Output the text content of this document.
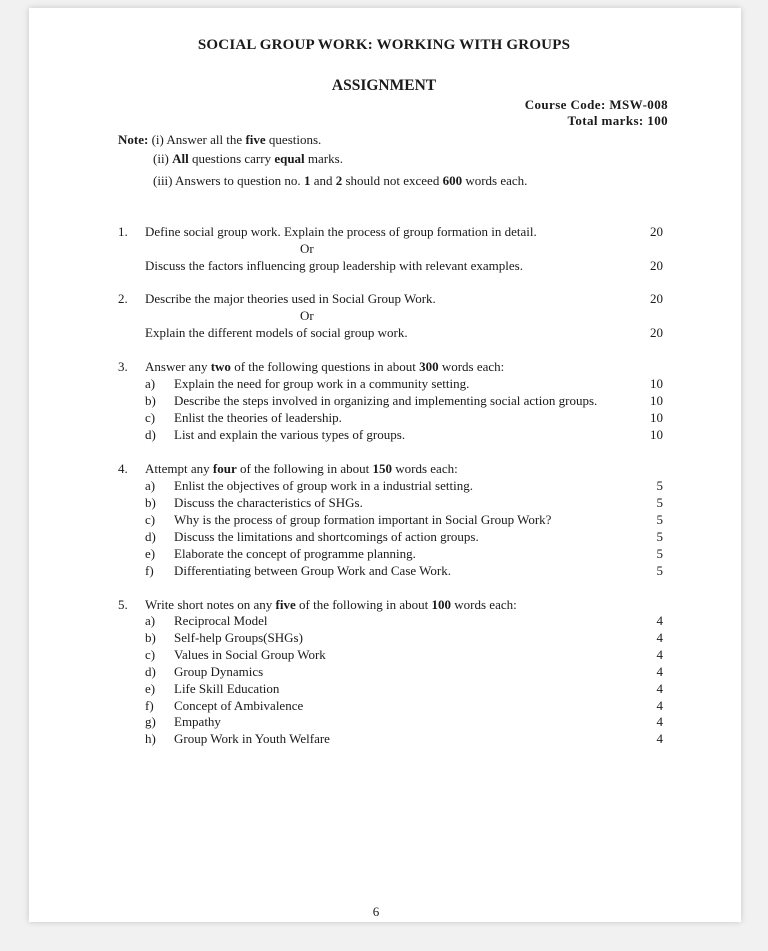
SOCIAL GROUP WORK: WORKING WITH GROUPS
ASSIGNMENT
Course Code: MSW-008
Total marks: 100
Note: (i) Answer all the five questions.
(ii) All questions carry equal marks.
(iii) Answers to question no. 1 and 2 should not exceed 600 words each.
1. Define social group work. Explain the process of group formation in detail.	20
Or
Discuss the factors influencing group leadership with relevant examples.	20
2. Describe the major theories used in Social Group Work.	20
Or
Explain the different models of social group work.	20
3. Answer any two of the following questions in about 300 words each:
a) Explain the need for group work in a community setting.	10
b) Describe the steps involved in organizing and implementing social action groups.	10
c) Enlist the theories of leadership.	10
d) List and explain the various types of groups.	10
4. Attempt any four of the following in about 150 words each:
a) Enlist the objectives of group work in a industrial setting.	5
b) Discuss the characteristics of SHGs.	5
c) Why is the process of group formation important in Social Group Work?	5
d) Discuss the limitations and shortcomings of action groups.	5
e) Elaborate the concept of programme planning.	5
f) Differentiating between Group Work and Case Work.	5
5. Write short notes on any five of the following in about 100 words each:
a) Reciprocal Model	4
b) Self-help Groups(SHGs)	4
c) Values in Social Group Work	4
d) Group Dynamics	4
e) Life Skill Education	4
f) Concept of Ambivalence	4
g) Empathy	4
h) Group Work in Youth Welfare	4
6
